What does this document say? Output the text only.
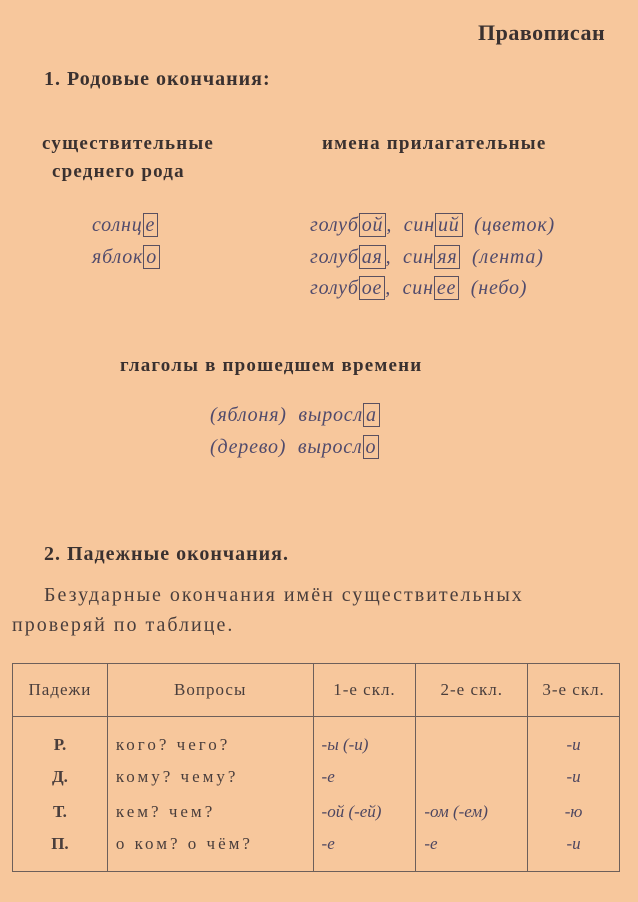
Правописан
1. Родовые окончания:
существительные
среднего рода
имена прилагательные
солнц е
яблок о
голуб ой , син ий (цветок)
голуб ая , син яя (лента)
голуб ое , син ее (небо)
глаголы в прошедшем времени
(яблоня) выросл а
(дерево) выросл о
2. Падежные окончания.
Безударные окончания имён существительных
проверяй по таблице.
Падежи	Вопросы	1-е скл.	2-е скл.	3-е скл.
Р.	кого? чего?	-ы (-и)		-и
Д.	кому? чему?	-е		-и
Т.	кем? чем?	-ой (-ей)	-ом (-ем)	-ю
П.	о ком? о чём?	-е	-е	-и
